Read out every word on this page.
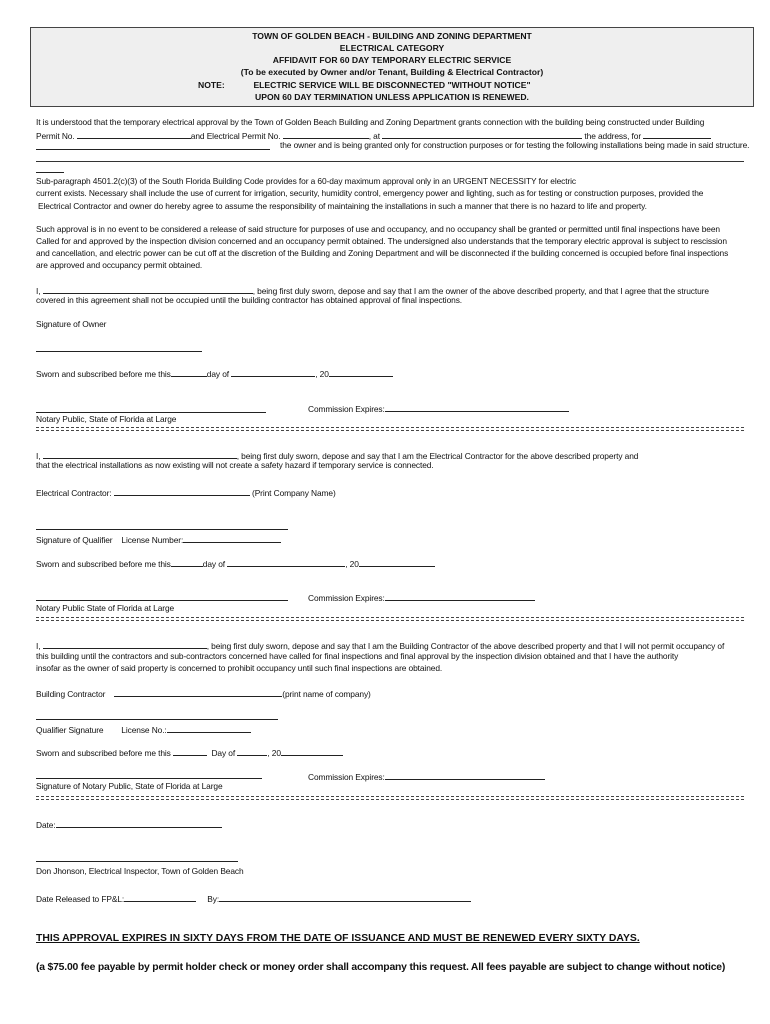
TOWN OF GOLDEN BEACH - BUILDING AND ZONING DEPARTMENT
ELECTRICAL CATEGORY
AFFIDAVIT FOR 60 DAY TEMPORARY ELECTRIC SERVICE
(To be executed by Owner and/or Tenant, Building & Electrical Contractor)
NOTE:	ELECTRIC SERVICE WILL BE DISCONNECTED "WITHOUT NOTICE"
UPON 60 DAY TERMINATION UNLESS APPLICATION IS RENEWED.
It is understood that the temporary electrical approval by the Town of Golden Beach Building and Zoning Department grants connection with the building being constructed under Building
Permit No.	and Electrical Permit No.	, at	the address, for
the owner and is being granted only for construction purposes or for testing the following installations being made in said structure.
Sub-paragraph 4501.2(c)(3) of the South Florida Building Code provides for a 60-day maximum approval only in an URGENT NECESSITY for electric
current exists. Necessary shall include the use of current for irrigation, security, humidity control, emergency power and lighting, such as for testing or construction purposes, provided the
Electrical Contractor and owner do hereby agree to assume the responsibility of maintaining the installations in such a manner that there is no hazard to life and property.
Such approval is in no event to be considered a release of said structure for purposes of use and occupancy, and no occupancy shall be granted or permitted until final inspections have been
Called for and approved by the inspection division concerned and an occupancy permit obtained. The undersigned also understands that the temporary electric approval is subject to rescission
and cancellation, and electric power can be cut off at the discretion of the Building and Zoning Department and will be disconnected if the building concerned is occupied before final inspections
are approved and occupancy permit obtained.
I,	, being first duly sworn, depose and say that I am the owner of the above described property, and that I agree that the structure
covered in this agreement shall not be occupied until the building contractor has obtained approval of final inspections.
Signature of Owner
Sworn and subscribed before me this	day of	, 20
Commission Expires:
Notary Public, State of Florida at Large
I,	, being first duly sworn, depose and say that I am the Electrical Contractor for the above described property and
that the electrical installations as now existing will not create a safety hazard if temporary service is connected.
Electrical Contractor:	(Print Company Name)
Signature of Qualifier License Number:
Sworn and subscribed before me this	day of	, 20
Commission Expires:
Notary Public State of Florida at Large
I,	, being first duly sworn, depose and say that I am the Building Contractor of the above described property and that I will not permit occupancy of
this building until the contractors and sub-contractors concerned have called for final inspections and final approval by the inspection division obtained and that I have the authority
insofar as the owner of said property is concerned to prohibit occupancy until such final inspections are obtained.
Building Contractor	(print name of company)
Qualifier Signature License No.:
Sworn and subscribed before me this	Day of	, 20
Commission Expires:
Signature of Notary Public, State of Florida at Large
Date:
Don Jhonson, Electrical Inspector, Town of Golden Beach
Date Released to FP&L:	By:
THIS APPROVAL EXPIRES IN SIXTY DAYS FROM THE DATE OF ISSUANCE AND MUST BE RENEWED EVERY SIXTY DAYS.
(a $75.00 fee payable by permit holder check or money order shall accompany this request. All fees payable are subject to change without notice)
